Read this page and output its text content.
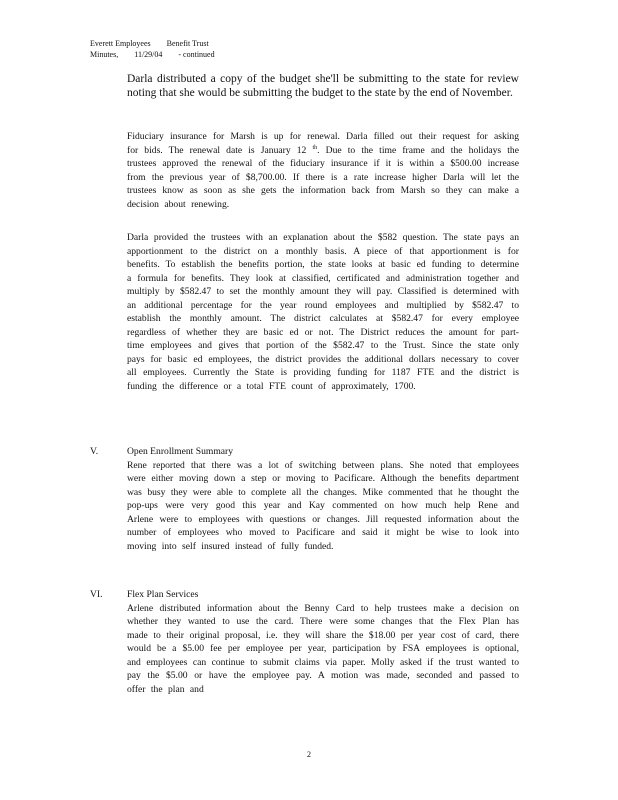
Everett Employees Benefit Trust
Minutes, 11/29/04 - continued

Darla distributed a copy of the budget she'll be submitting to the state for review noting that she would be submitting the budget to the state by the end of November.

Fiduciary insurance for Marsh is up for renewal. Darla filled out their request for asking for bids. The renewal date is January 12 $^{th}$. Due to the time frame and the holidays the trustees approved the renewal of the fiduciary insurance if it is within a $500.00 increase from the previous year of $8,700.00. If there is a rate increase higher Darla will let the trustees know as soon as she gets the information back from Marsh so they can make a decision about renewing.

Darla provided the trustees with an explanation about the $582 question. The state pays an apportionment to the district on a monthly basis. A piece of that apportionment is for benefits. To establish the benefits portion, the state looks at basic ed funding to determine a formula for benefits. They look at classified, certificated and administration together and multiply by $582.47 to set the monthly amount they will pay. Classified is determined with an additional percentage for the year round employees and multiplied by $582.47 to establish the monthly amount. The district calculates at $582.47 for every employee regardless of whether they are basic ed or not. The District reduces the amount for part-time employees and gives that portion of the $582.47 to the Trust. Since the state only pays for basic ed employees, the district provides the additional dollars necessary to cover all employees. Currently the State is providing funding for 1187 FTE and the district is funding the difference or a total FTE count of approximately, 1700.

V.	Open Enrollment Summary
Rene reported that there was a lot of switching between plans. She noted that employees were either moving down a step or moving to Pacificare. Although the benefits department was busy they were able to complete all the changes. Mike commented that he thought the pop-ups were very good this year and Kay commented on how much help Rene and Arlene were to employees with questions or changes. Jill requested information about the number of employees who moved to Pacificare and said it might be wise to look into moving into self insured instead of fully funded.
VI.	Flex Plan Services
Arlene distributed information about the Benny Card to help trustees make a decision on whether they wanted to use the card. There were some changes that the Flex Plan has made to their original proposal, i.e. they will share the $18.00 per year cost of card, there would be a $5.00 fee per employee per year, participation by FSA employees is optional, and employees can continue to submit claims via paper. Molly asked if the trust wanted to pay the $5.00 or have the employee pay. A motion was made, seconded and passed to offer the plan and
2
